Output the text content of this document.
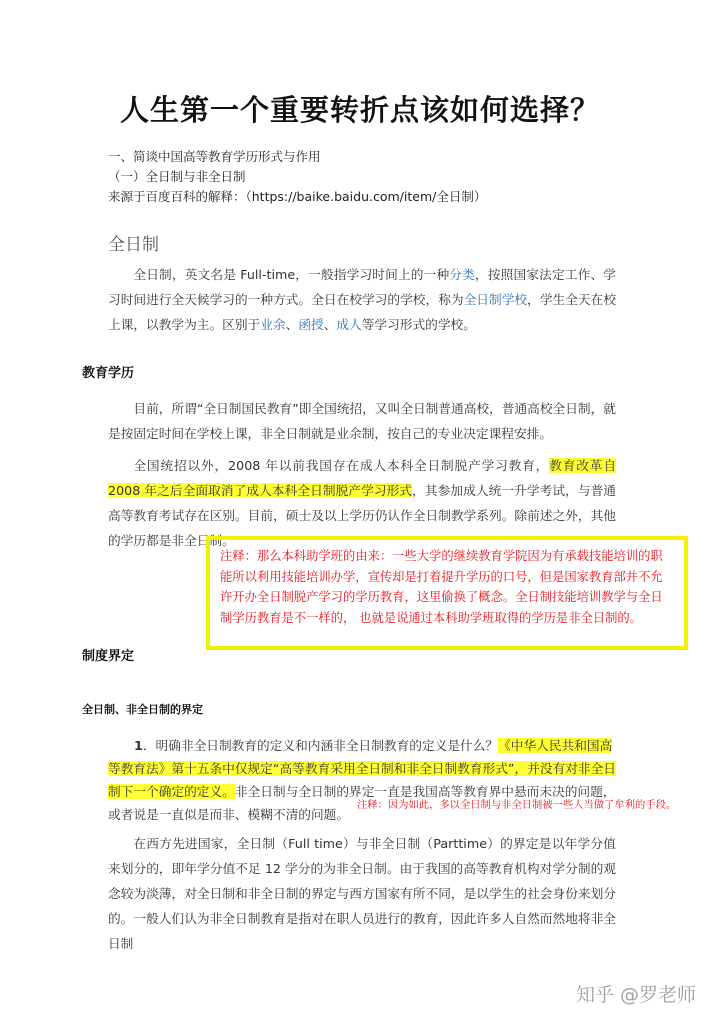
人生第一个重要转折点该如何选择？
一、简谈中国高等教育学历形式与作用
（一）全日制与非全日制
来源于百度百科的解释：（https://baike.baidu.com/item/全日制）
全日制
全日制，英文名是 Full-time，一般指学习时间上的一种分类，按照国家法定工作、学习时间进行全天候学习的一种方式。全日在校学习的学校，称为全日制学校，学生全天在校上课，以教学为主。区别于业余、函授、成人等学习形式的学校。
教育学历
目前，所谓“全日制国民教育”即全国统招，又叫全日制普通高校，普通高校全日制，就是按固定时间在学校上课，非全日制就是业余制，按自己的专业决定课程安排。
全国统招以外，2008 年以前我国存在成人本科全日制脱产学习教育，教育改革自 2008 年之后全面取消了成人本科全日制脱产学习形式，其参加成人统一升学考试，与普通高等教育考试存在区别。目前，硕士及以上学历仍认作全日制教学系列。除前述之外，其他的学历都是非全日制。
注释：那么本科助学班的由来：一些大学的继续教育学院因为有承载技能培训的职能所以利用技能培训办学，宣传却是打着提升学历的口号，但是国家教育部并不允许开办全日制脱产学习的学历教育，这里偷换了概念。全日制技能培训教学与全日制学历教育是不一样的， 也就是说通过本科助学班取得的学历是非全日制的。
制度界定
全日制、非全日制的界定
1．明确非全日制教育的定义和内涵非全日制教育的定义是什么？《中华人民共和国高等教育法》第十五条中仅规定“高等教育采用全日制和非全日制教育形式”，并没有对非全日制下一个确定的定义。非全日制与全日制的界定一直是我国高等教育界中悬而未决的问题，或者说是一直似是而非、模糊不清的问题。
注释：因为如此，多以全日制与非全日制被一些人当做了牟利的手段。
在西方先进国家，全日制（Full time）与非全日制（Parttime）的界定是以年学分值来划分的，即年学分值不足 12 学分的为非全日制。由于我国的高等教育机构对学分制的观念较为淡薄，对全日制和非全日制的界定与西方国家有所不同，是以学生的社会身份来划分的。一般人们认为非全日制教育是指对在职人员进行的教育，因此许多人自然而然地将非全日制
知乎 @罗老师
